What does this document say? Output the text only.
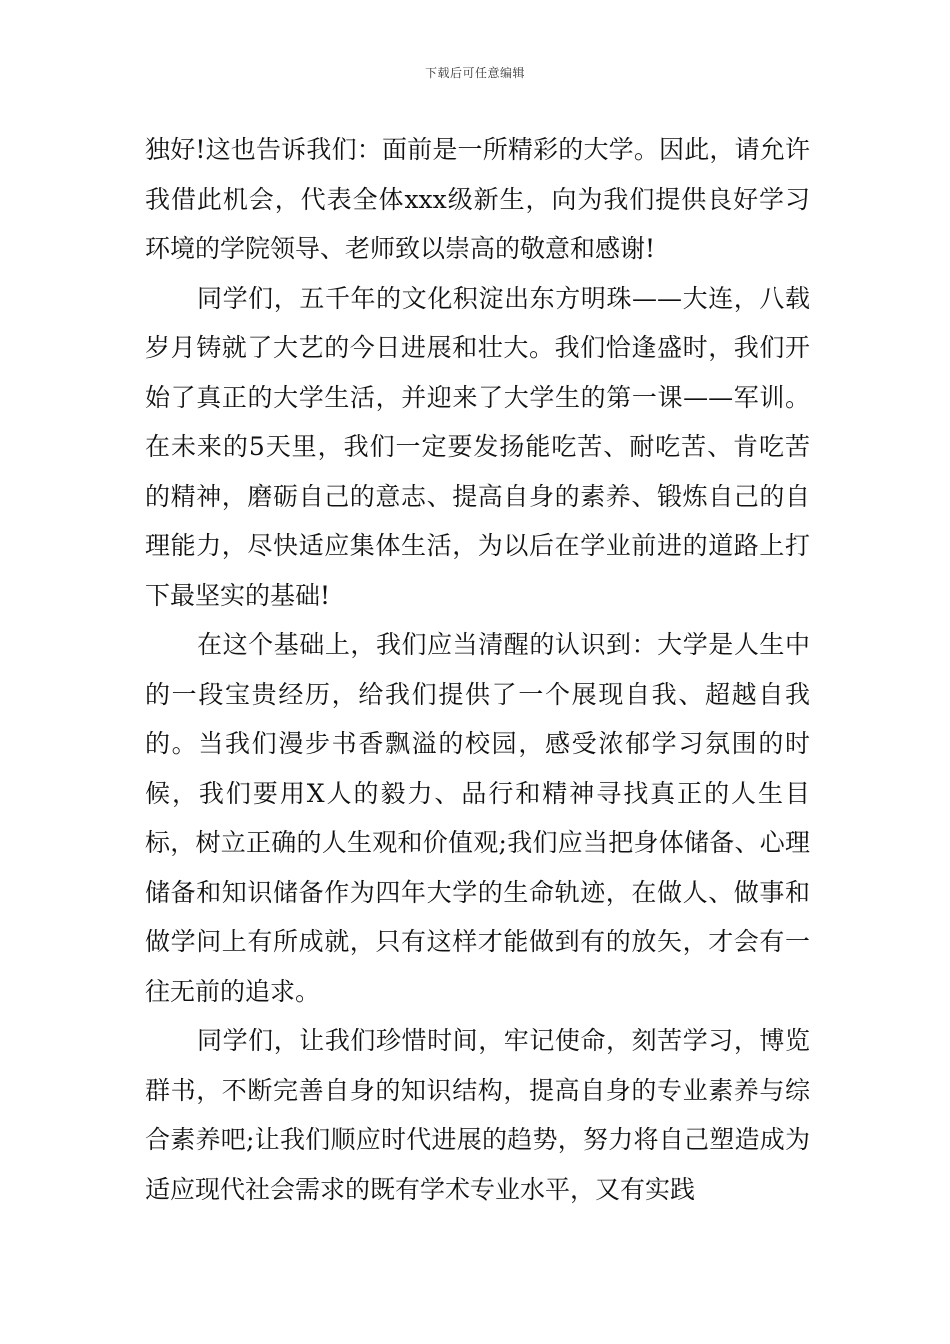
下载后可任意编辑

独好!这也告诉我们：面前是一所精彩的大学。因此，请允许我借此机会，代表全体xxx级新生，向为我们提供良好学习环境的学院领导、老师致以崇高的敬意和感谢!

同学们，五千年的文化积淀出东方明珠——大连，八载岁月铸就了大艺的今日进展和壮大。我们恰逢盛时，我们开始了真正的大学生活，并迎来了大学生的第一课——军训。在未来的5天里，我们一定要发扬能吃苦、耐吃苦、肯吃苦的精神，磨砺自己的意志、提高自身的素养、锻炼自己的自理能力，尽快适应集体生活，为以后在学业前进的道路上打下最坚实的基础!

在这个基础上，我们应当清醒的认识到：大学是人生中的一段宝贵经历，给我们提供了一个展现自我、超越自我的。当我们漫步书香飘溢的校园，感受浓郁学习氛围的时候，我们要用X人的毅力、品行和精神寻找真正的人生目标，树立正确的人生观和价值观;我们应当把身体储备、心理储备和知识储备作为四年大学的生命轨迹，在做人、做事和做学问上有所成就，只有这样才能做到有的放矢，才会有一往无前的追求。

同学们，让我们珍惜时间，牢记使命，刻苦学习，博览群书，不断完善自身的知识结构，提高自身的专业素养与综合素养吧;让我们顺应时代进展的趋势，努力将自己塑造成为适应现代社会需求的既有学术专业水平，又有实践
